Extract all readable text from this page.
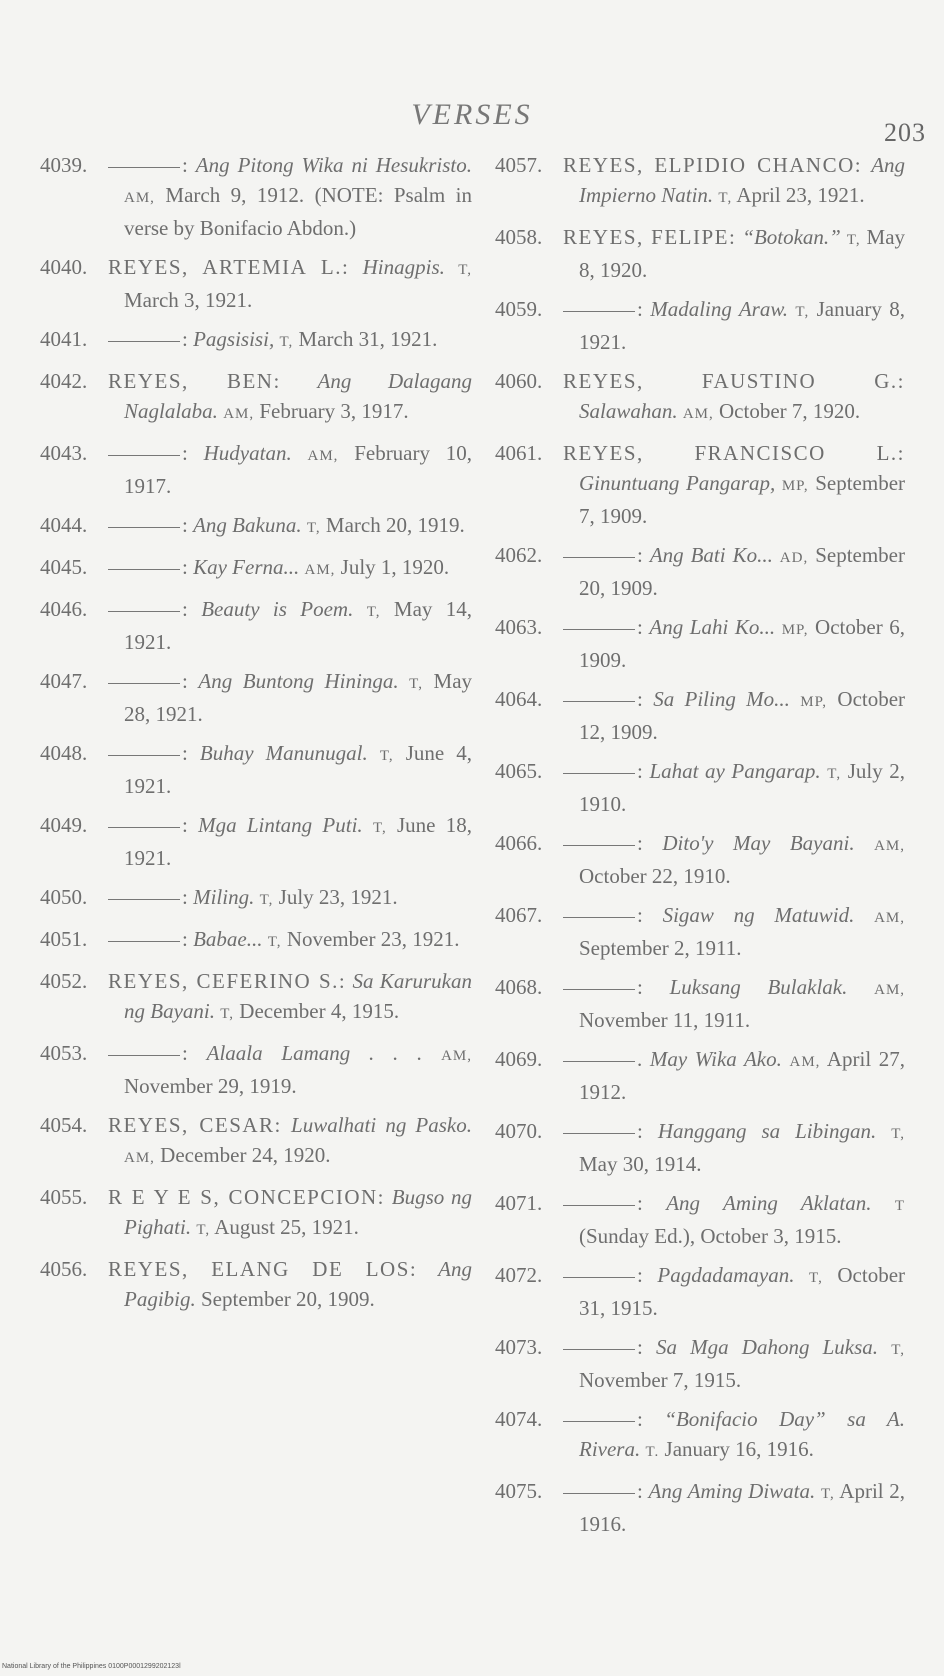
VERSES
203
4039.	: Ang Pitong Wika ni Hesukristo. AM, March 9, 1912. (NOTE: Psalm in verse by Bonifacio Abdon.)
4040. REYES, ARTEMIA L.: Hinagpis. T, March 3, 1921.
4041.	: Pagsisisi, T, March 31, 1921.
4042. REYES, BEN: Ang Dalagang Naglalaba. AM, February 3, 1917.
4043.	: Hudyatan. AM, February 10, 1917.
4044.	: Ang Bakuna. T, March 20, 1919.
4045.	: Kay Ferna... AM, July 1, 1920.
4046.	: Beauty is Poem. T, May 14, 1921.
4047.	: Ang Buntong Hininga. T, May 28, 1921.
4048.	: Buhay Manunugal. T, June 4, 1921.
4049.	: Mga Lintang Puti. T, June 18, 1921.
4050.	: Miling. T, July 23, 1921.
4051.	: Babae... T, November 23, 1921.
4052. REYES, CEFERINO S.: Sa Karurukan ng Bayani. T, December 4, 1915.
4053.	: Alaala Lamang . . . AM, November 29, 1919.
4054. REYES, CESAR: Luwalhati ng Pasko. AM, December 24, 1920.
4055. R E Y E S, CONCEPCION: Bugso ng Pighati. T, August 25, 1921.
4056. REYES, ELANG DE LOS: Ang Pagibig. September 20, 1909.
4057. REYES, ELPIDIO CHANCO: Ang Impierno Natin. T, April 23, 1921.
4058. REYES, FELIPE: “Botokan.” T, May 8, 1920.
4059.	: Madaling Araw. T, January 8, 1921.
4060. REYES, FAUSTINO G.: Salawahan. AM, October 7, 1920.
4061. REYES, FRANCISCO L.: Ginuntuang Pangarap, MP, September 7, 1909.
4062.	: Ang Bati Ko... AD, September 20, 1909.
4063.	: Ang Lahi Ko... MP, October 6, 1909.
4064.	: Sa Piling Mo... MP, October 12, 1909.
4065.	: Lahat ay Pangarap. T, July 2, 1910.
4066.	: Dito'y May Bayani. AM, October 22, 1910.
4067.	: Sigaw ng Matuwid. AM, September 2, 1911.
4068.	: Luksang Bulaklak. AM, November 11, 1911.
4069.	. May Wika Ako. AM, April 27, 1912.
4070.	: Hanggang sa Libingan. T, May 30, 1914.
4071.	: Ang Aming Aklatan. T (Sunday Ed.), October 3, 1915.
4072.	: Pagdadamayan. T, October 31, 1915.
4073.	: Sa Mga Dahong Luksa. T, November 7, 1915.
4074.	: “Bonifacio Day” sa A. Rivera. T. January 16, 1916.
4075.	: Ang Aming Diwata. T, April 2, 1916.
National Library of the Philippines 0100P0001299202123l
